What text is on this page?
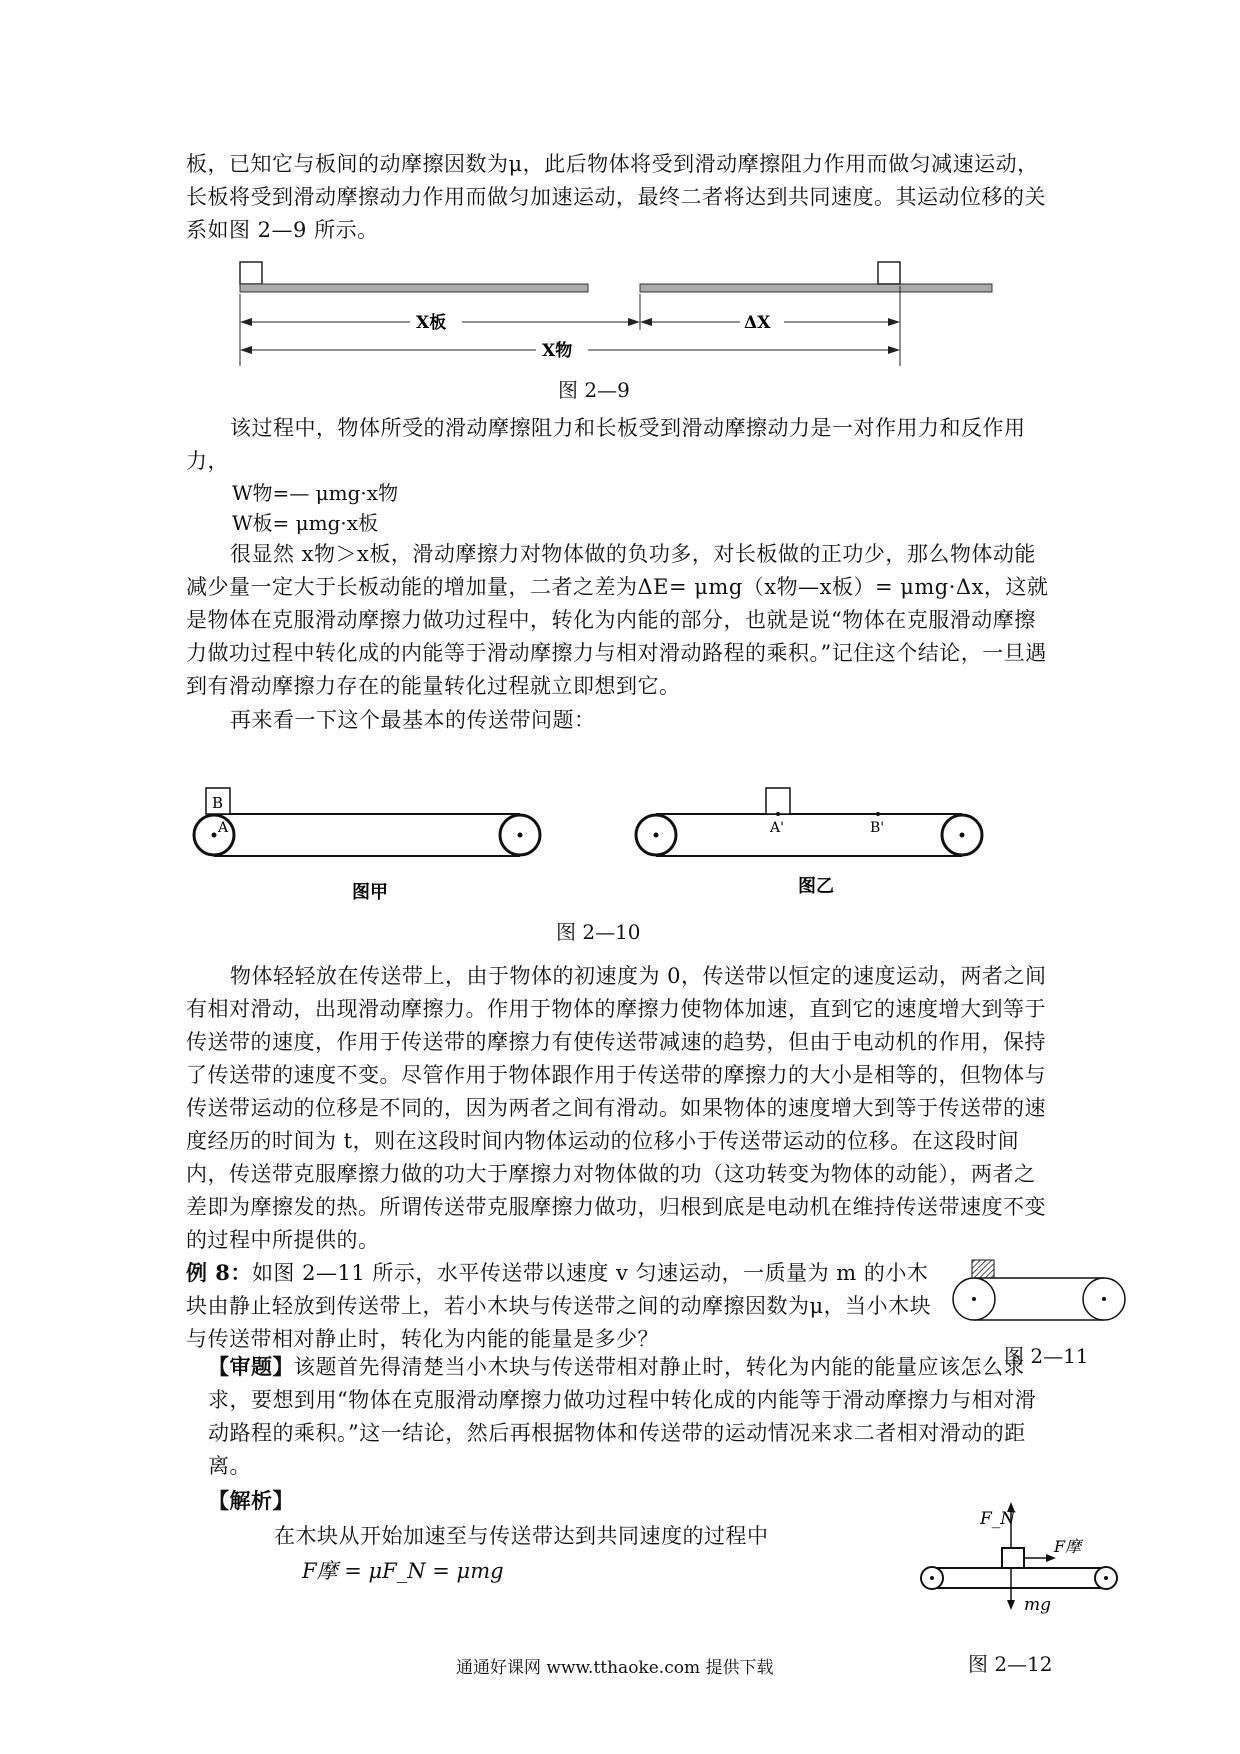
板，已知它与板间的动摩擦因数为μ，此后物体将受到滑动摩擦阻力作用而做匀减速运动，长板将受到滑动摩擦动力作用而做匀加速运动，最终二者将达到共同速度。其运动位移的关系如图 2—9 所示。

X板	ΔX
X物

图 2—9

该过程中，物体所受的滑动摩擦阻力和长板受到滑动摩擦动力是一对作用力和反作用力，

W物=— μmg·x物

W板= μmg·x板

很显然 x物＞x板，滑动摩擦力对物体做的负功多，对长板做的正功少，那么物体动能减少量一定大于长板动能的增加量，二者之差为ΔE= μmg（x物—x板）= μmg·Δx，这就是物体在克服滑动摩擦力做功过程中，转化为内能的部分，也就是说“物体在克服滑动摩擦力做功过程中转化成的内能等于滑动摩擦力与相对滑动路程的乘积。”记住这个结论，一旦遇到有滑动摩擦力存在的能量转化过程就立即想到它。

再来看一下这个最基本的传送带问题：

B
A
图甲
A'	B'
图乙

图 2—10

物体轻轻放在传送带上，由于物体的初速度为 0，传送带以恒定的速度运动，两者之间有相对滑动，出现滑动摩擦力。作用于物体的摩擦力使物体加速，直到它的速度增大到等于传送带的速度，作用于传送带的摩擦力有使传送带减速的趋势，但由于电动机的作用，保持了传送带的速度不变。尽管作用于物体跟作用于传送带的摩擦力的大小是相等的，但物体与传送带运动的位移是不同的，因为两者之间有滑动。如果物体的速度增大到等于传送带的速度经历的时间为 t，则在这段时间内物体运动的位移小于传送带运动的位移。在这段时间内，传送带克服摩擦力做的功大于摩擦力对物体做的功（这功转变为物体的动能），两者之差即为摩擦发的热。所谓传送带克服摩擦力做功，归根到底是电动机在维持传送带速度不变的过程中所提供的。

例 8：如图 2—11 所示，水平传送带以速度 v 匀速运动，一质量为 m 的小木块由静止轻放到传送带上，若小木块与传送带之间的动摩擦因数为μ，当小木块与传送带相对静止时，转化为内能的能量是多少？

图 2—11

【审题】该题首先得清楚当小木块与传送带相对静止时，转化为内能的能量应该怎么求求，要想到用“物体在克服滑动摩擦力做功过程中转化成的内能等于滑动摩擦力与相对滑动路程的乘积。”这一结论，然后再根据物体和传送带的运动情况来求二者相对滑动的距离。

【解析】

在木块从开始加速至与传送带达到共同速度的过程中

F摩 = μF_N = μmg

F_N
F摩
mg

图 2—12

通通好课网 www.tthaoke.com 提供下载
